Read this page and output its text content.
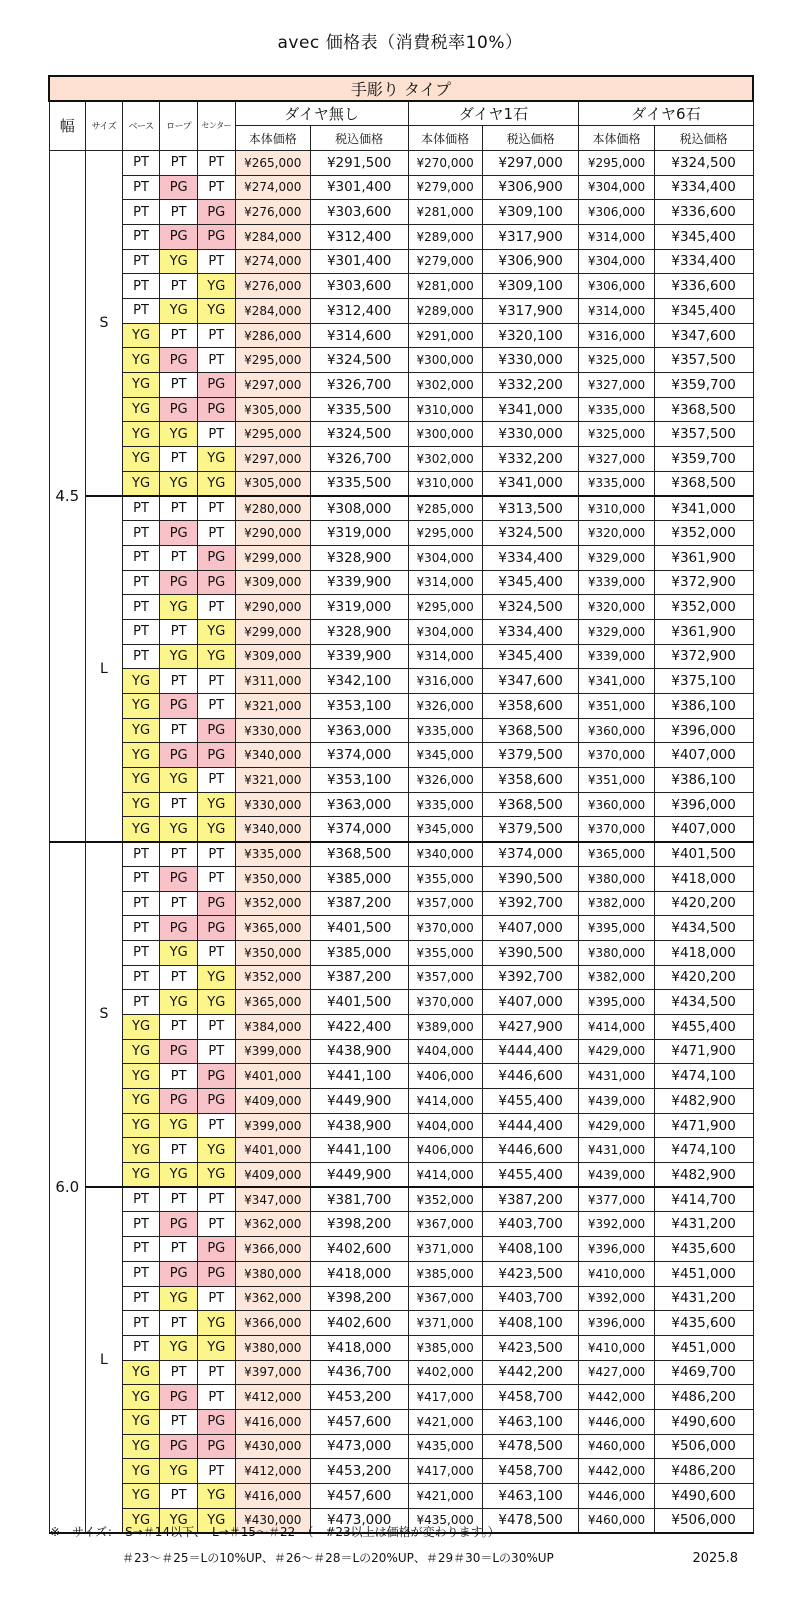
avec 価格表（消費税率10%）
手彫り タイプ										
幅	サイズ	ベース	ロープ	センター	ダイヤ無し		ダイヤ1石		ダイヤ6石	
					本体価格	税込価格	本体価格	税込価格	本体価格	税込価格
4.5	S	PT	PT	PT	¥265,000	¥291,500	¥270,000	¥297,000	¥295,000	¥324,500
		PT	PG	PT	¥274,000	¥301,400	¥279,000	¥306,900	¥304,000	¥334,400
		PT	PT	PG	¥276,000	¥303,600	¥281,000	¥309,100	¥306,000	¥336,600
		PT	PG	PG	¥284,000	¥312,400	¥289,000	¥317,900	¥314,000	¥345,400
		PT	YG	PT	¥274,000	¥301,400	¥279,000	¥306,900	¥304,000	¥334,400
		PT	PT	YG	¥276,000	¥303,600	¥281,000	¥309,100	¥306,000	¥336,600
		PT	YG	YG	¥284,000	¥312,400	¥289,000	¥317,900	¥314,000	¥345,400
		YG	PT	PT	¥286,000	¥314,600	¥291,000	¥320,100	¥316,000	¥347,600
		YG	PG	PT	¥295,000	¥324,500	¥300,000	¥330,000	¥325,000	¥357,500
		YG	PT	PG	¥297,000	¥326,700	¥302,000	¥332,200	¥327,000	¥359,700
		YG	PG	PG	¥305,000	¥335,500	¥310,000	¥341,000	¥335,000	¥368,500
		YG	YG	PT	¥295,000	¥324,500	¥300,000	¥330,000	¥325,000	¥357,500
		YG	PT	YG	¥297,000	¥326,700	¥302,000	¥332,200	¥327,000	¥359,700
		YG	YG	YG	¥305,000	¥335,500	¥310,000	¥341,000	¥335,000	¥368,500
	L	PT	PT	PT	¥280,000	¥308,000	¥285,000	¥313,500	¥310,000	¥341,000
		PT	PG	PT	¥290,000	¥319,000	¥295,000	¥324,500	¥320,000	¥352,000
		PT	PT	PG	¥299,000	¥328,900	¥304,000	¥334,400	¥329,000	¥361,900
		PT	PG	PG	¥309,000	¥339,900	¥314,000	¥345,400	¥339,000	¥372,900
		PT	YG	PT	¥290,000	¥319,000	¥295,000	¥324,500	¥320,000	¥352,000
		PT	PT	YG	¥299,000	¥328,900	¥304,000	¥334,400	¥329,000	¥361,900
		PT	YG	YG	¥309,000	¥339,900	¥314,000	¥345,400	¥339,000	¥372,900
		YG	PT	PT	¥311,000	¥342,100	¥316,000	¥347,600	¥341,000	¥375,100
		YG	PG	PT	¥321,000	¥353,100	¥326,000	¥358,600	¥351,000	¥386,100
		YG	PT	PG	¥330,000	¥363,000	¥335,000	¥368,500	¥360,000	¥396,000
		YG	PG	PG	¥340,000	¥374,000	¥345,000	¥379,500	¥370,000	¥407,000
		YG	YG	PT	¥321,000	¥353,100	¥326,000	¥358,600	¥351,000	¥386,100
		YG	PT	YG	¥330,000	¥363,000	¥335,000	¥368,500	¥360,000	¥396,000
		YG	YG	YG	¥340,000	¥374,000	¥345,000	¥379,500	¥370,000	¥407,000
6.0	S	PT	PT	PT	¥335,000	¥368,500	¥340,000	¥374,000	¥365,000	¥401,500
		PT	PG	PT	¥350,000	¥385,000	¥355,000	¥390,500	¥380,000	¥418,000
		PT	PT	PG	¥352,000	¥387,200	¥357,000	¥392,700	¥382,000	¥420,200
		PT	PG	PG	¥365,000	¥401,500	¥370,000	¥407,000	¥395,000	¥434,500
		PT	YG	PT	¥350,000	¥385,000	¥355,000	¥390,500	¥380,000	¥418,000
		PT	PT	YG	¥352,000	¥387,200	¥357,000	¥392,700	¥382,000	¥420,200
		PT	YG	YG	¥365,000	¥401,500	¥370,000	¥407,000	¥395,000	¥434,500
		YG	PT	PT	¥384,000	¥422,400	¥389,000	¥427,900	¥414,000	¥455,400
		YG	PG	PT	¥399,000	¥438,900	¥404,000	¥444,400	¥429,000	¥471,900
		YG	PT	PG	¥401,000	¥441,100	¥406,000	¥446,600	¥431,000	¥474,100
		YG	PG	PG	¥409,000	¥449,900	¥414,000	¥455,400	¥439,000	¥482,900
		YG	YG	PT	¥399,000	¥438,900	¥404,000	¥444,400	¥429,000	¥471,900
		YG	PT	YG	¥401,000	¥441,100	¥406,000	¥446,600	¥431,000	¥474,100
		YG	YG	YG	¥409,000	¥449,900	¥414,000	¥455,400	¥439,000	¥482,900
	L	PT	PT	PT	¥347,000	¥381,700	¥352,000	¥387,200	¥377,000	¥414,700
		PT	PG	PT	¥362,000	¥398,200	¥367,000	¥403,700	¥392,000	¥431,200
		PT	PT	PG	¥366,000	¥402,600	¥371,000	¥408,100	¥396,000	¥435,600
		PT	PG	PG	¥380,000	¥418,000	¥385,000	¥423,500	¥410,000	¥451,000
		PT	YG	PT	¥362,000	¥398,200	¥367,000	¥403,700	¥392,000	¥431,200
		PT	PT	YG	¥366,000	¥402,600	¥371,000	¥408,100	¥396,000	¥435,600
		PT	YG	YG	¥380,000	¥418,000	¥385,000	¥423,500	¥410,000	¥451,000
		YG	PT	PT	¥397,000	¥436,700	¥402,000	¥442,200	¥427,000	¥469,700
		YG	PG	PT	¥412,000	¥453,200	¥417,000	¥458,700	¥442,000	¥486,200
		YG	PT	PG	¥416,000	¥457,600	¥421,000	¥463,100	¥446,000	¥490,600
		YG	PG	PG	¥430,000	¥473,000	¥435,000	¥478,500	¥460,000	¥506,000
		YG	YG	PT	¥412,000	¥453,200	¥417,000	¥458,700	¥442,000	¥486,200
		YG	PT	YG	¥416,000	¥457,600	¥421,000	¥463,100	¥446,000	¥490,600
		YG	YG	YG	¥430,000	¥473,000	¥435,000	¥478,500	¥460,000	¥506,000
※　サイズ：　S→＃14以下、　L→＃15～＃22　（　#23以上は価格が変わります。）
＃23～＃25＝Lの10%UP、＃26～＃28＝Lの20%UP、＃29＃30＝Lの30%UP	2025.8
